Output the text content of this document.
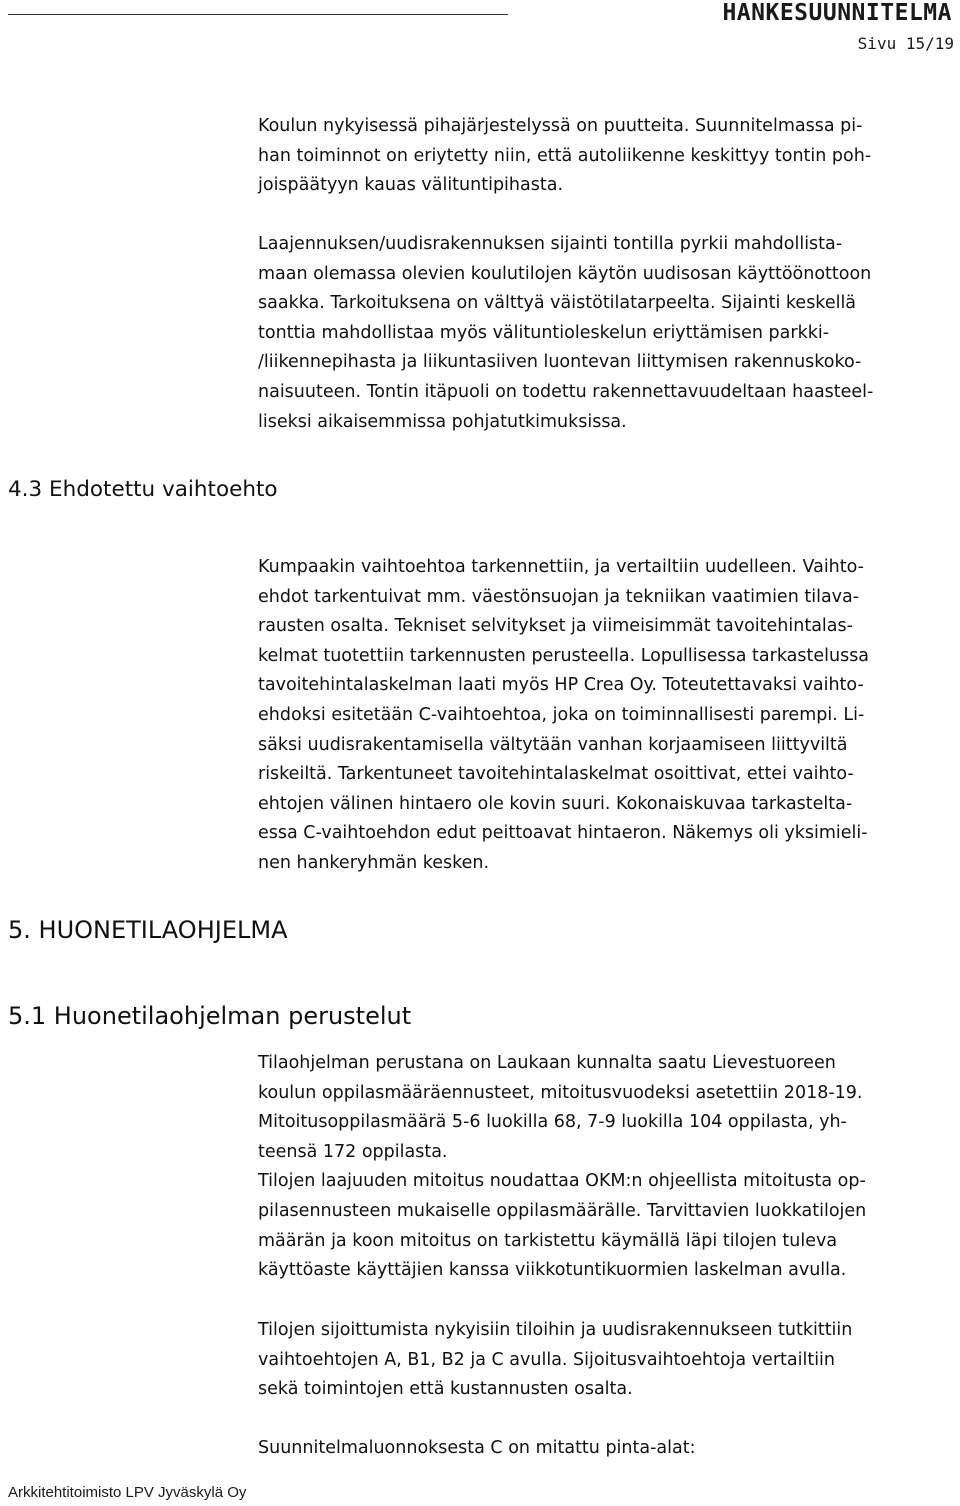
HANKESUUNNITELMA
Sivu 15/19

Koulun nykyisessä pihajärjestelyssä on puutteita. Suunnitelmassa pi-
han toiminnot on eriytetty niin, että autoliikenne keskittyy tontin poh-
joispäätyyn kauas välituntipihasta.

Laajennuksen/uudisrakennuksen sijainti tontilla pyrkii mahdollista-
maan olemassa olevien koulutilojen käytön uudisosan käyttöönottoon
saakka. Tarkoituksena on välttyä väistötilatarpeelta. Sijainti keskellä
tonttia mahdollistaa myös välituntioleskelun eriyttämisen parkki-
/liikennepihasta ja liikuntasiiven luontevan liittymisen rakennuskoko-
naisuuteen. Tontin itäpuoli on todettu rakennettavuudeltaan haasteel-
liseksi aikaisemmissa pohjatutkimuksissa.

4.3 Ehdotettu vaihtoehto

Kumpaakin vaihtoehtoa tarkennettiin, ja vertailtiin uudelleen. Vaihto-
ehdot tarkentuivat mm. väestönsuojan ja tekniikan vaatimien tilava-
rausten osalta. Tekniset selvitykset ja viimeisimmät tavoitehintalas-
kelmat tuotettiin tarkennusten perusteella. Lopullisessa tarkastelussa
tavoitehintalaskelman laati myös HP Crea Oy. Toteutettavaksi vaihto-
ehdoksi esitetään C-vaihtoehtoa, joka on toiminnallisesti parempi. Li-
säksi uudisrakentamisella vältytään vanhan korjaamiseen liittyviltä
riskeiltä. Tarkentuneet tavoitehintalaskelmat osoittivat, ettei vaihto-
ehtojen välinen hintaero ole kovin suuri. Kokonaiskuvaa tarkastelta-
essa C-vaihtoehdon edut peittoavat hintaeron. Näkemys oli yksimieli-
nen hankeryhmän kesken.

5. HUONETILAOHJELMA
5.1 Huonetilaohjelman perustelut

Tilaohjelman perustana on Laukaan kunnalta saatu Lievestuoreen
koulun oppilasmääräennusteet, mitoitusvuodeksi asetettiin 2018-19.
Mitoitusoppilasmäärä 5-6 luokilla 68, 7-9 luokilla 104 oppilasta, yh-
teensä 172 oppilasta.
Tilojen laajuuden mitoitus noudattaa OKM:n ohjeellista mitoitusta op-
pilasennusteen mukaiselle oppilasmäärälle. Tarvittavien luokkatilojen
määrän ja koon mitoitus on tarkistettu käymällä läpi tilojen tuleva
käyttöaste käyttäjien kanssa viikkotuntikuormien laskelman avulla.

Tilojen sijoittumista nykyisiin tiloihin ja uudisrakennukseen tutkittiin
vaihtoehtojen A, B1, B2 ja C avulla. Sijoitusvaihtoehtoja vertailtiin
sekä toimintojen että kustannusten osalta.

Suunnitelmaluonnoksesta C on mitattu pinta-alat:

Arkkitehtitoimisto LPV Jyväskylä Oy
